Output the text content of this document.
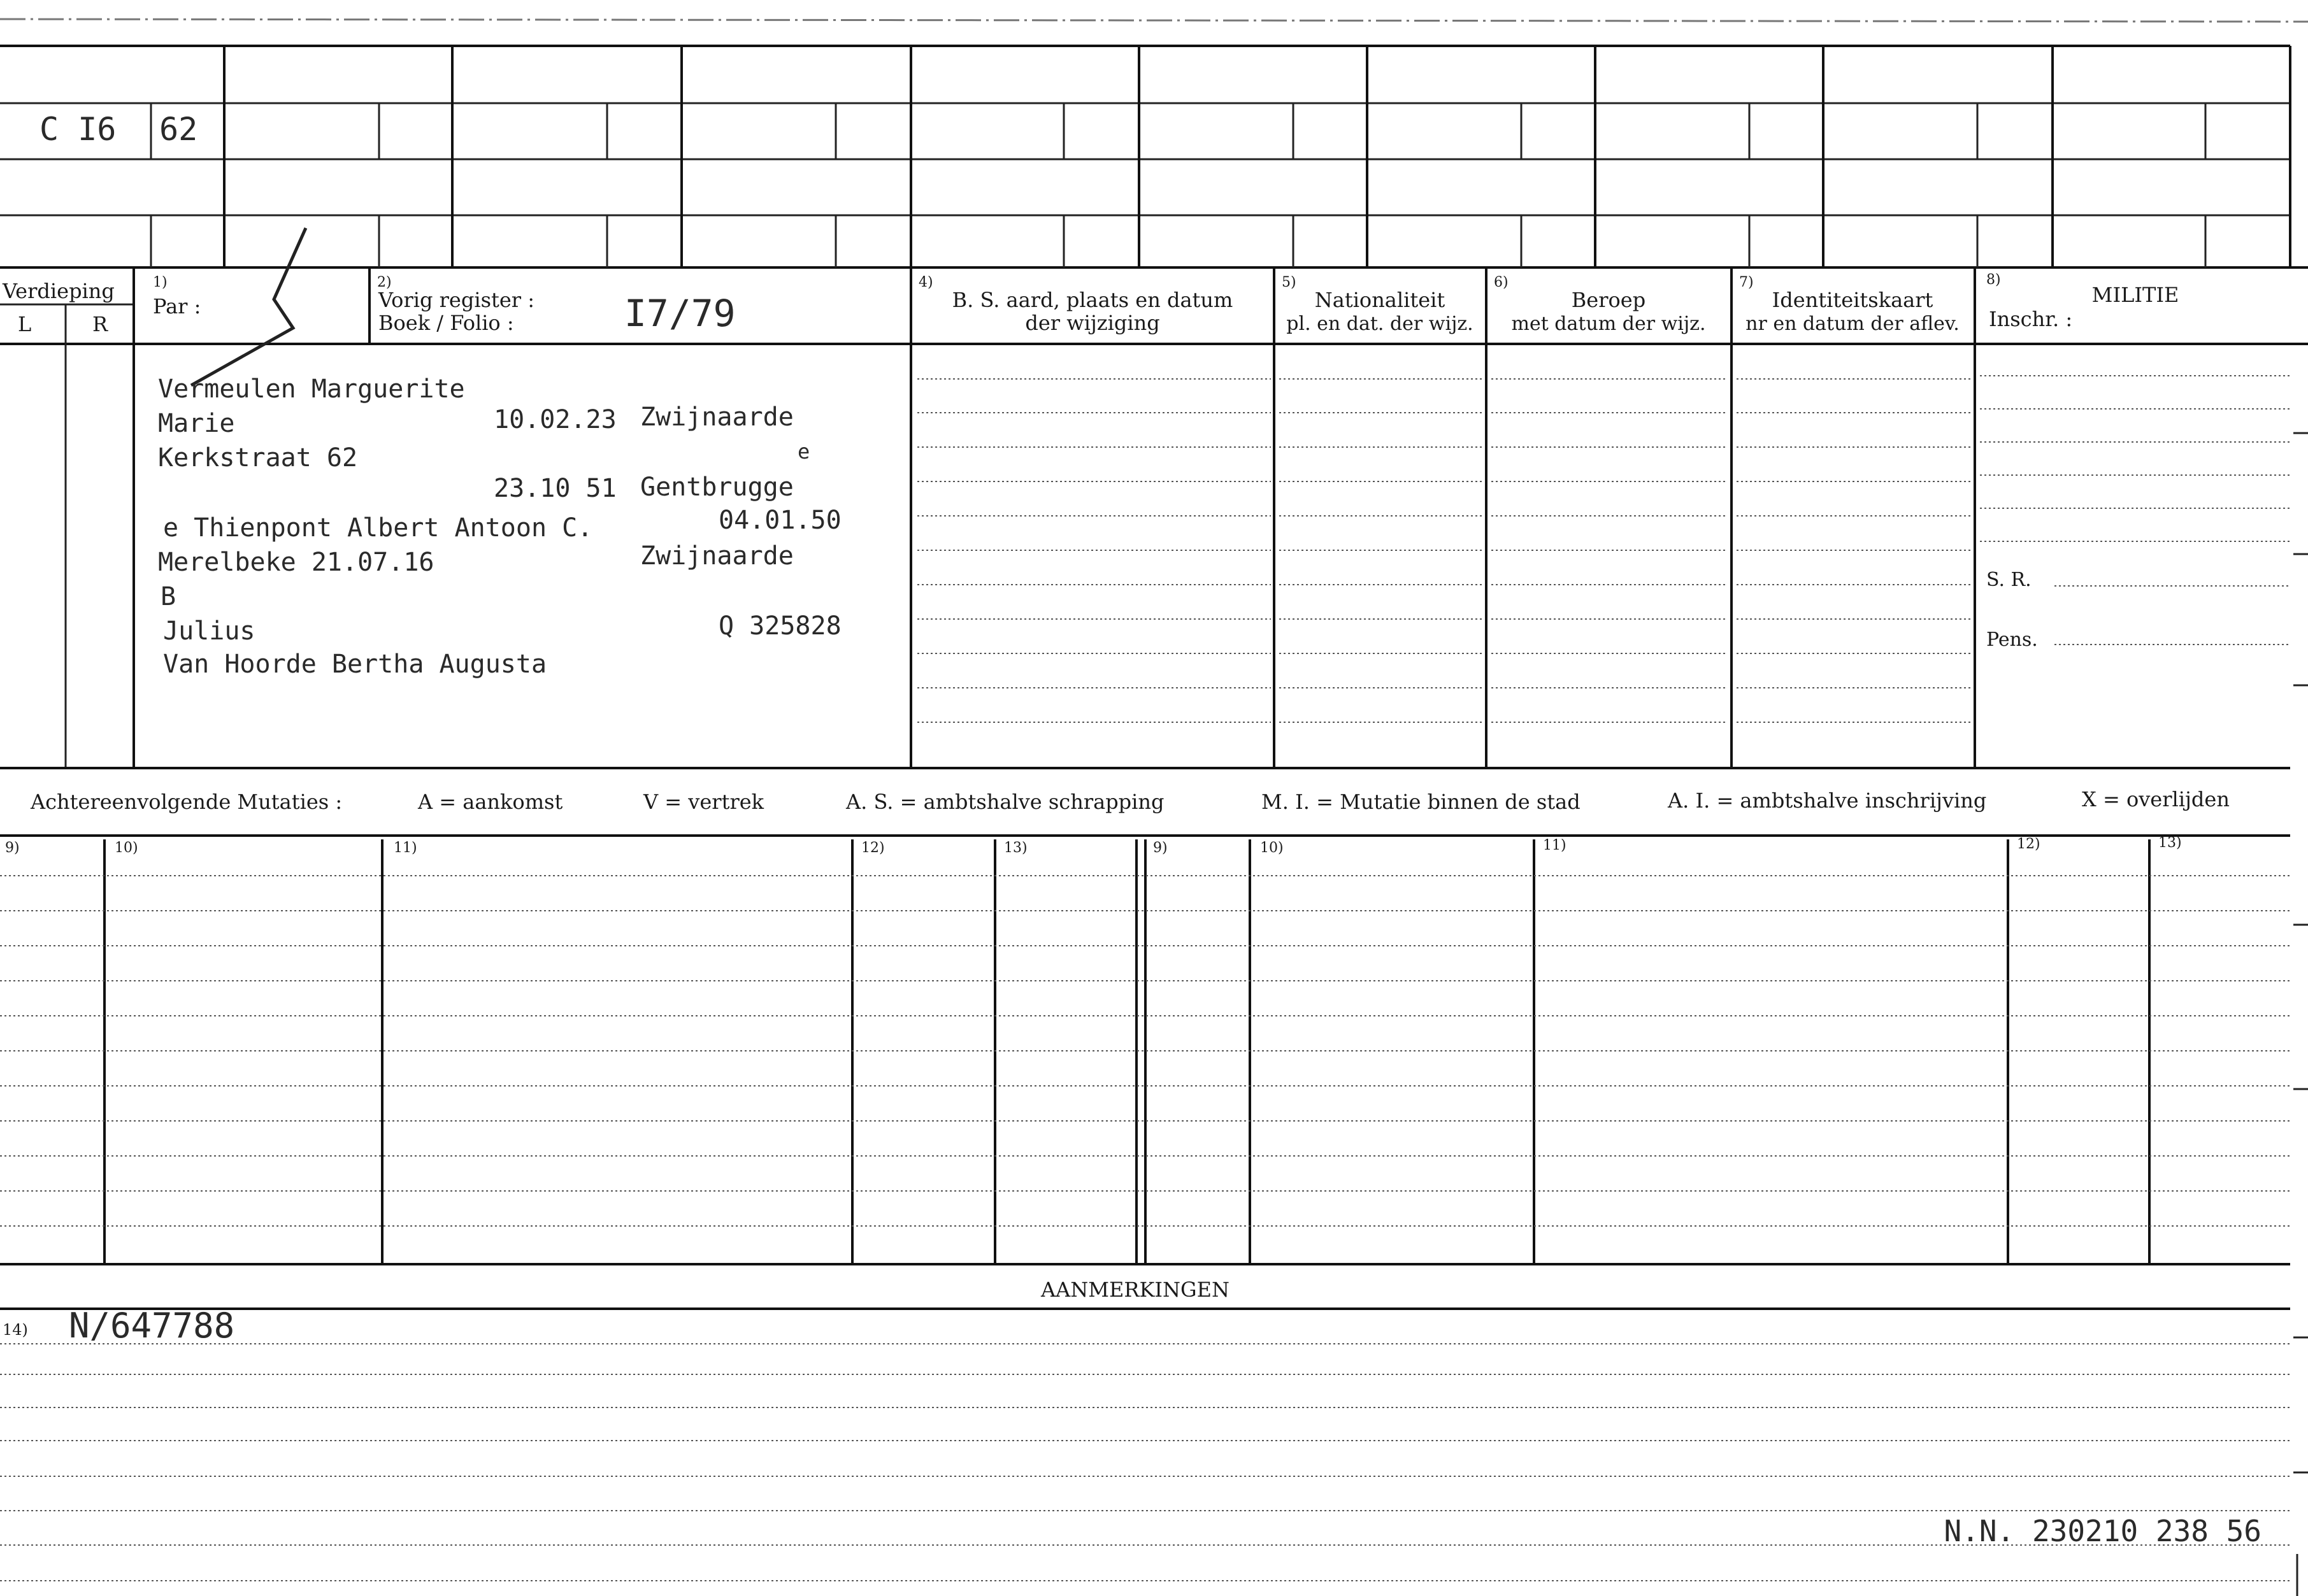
C I6 62
Verdieping
L	R
1)
Par :
2)
Vorig register :
Boek / Folio :	I7/79
4)
B. S. aard, plaats en datum
der wijziging
5)
Nationaliteit
pl. en dat. der wijz.
6)
Beroep
met datum der wijz.
7)
Identiteitskaart
nr en datum der aflev.
8)
MILITIE
Inschr. :
S. R.
Pens.
Vermeulen Marguerite
Marie	10.02.23 Zwijnaarde
Kerkstraat 62	e
23.10 51 Gentbrugge
e Thienpont Albert Antoon C.	04.01.50
Merelbeke 21.07.16	Zwijnaarde
B
Julius	Q 325828
Van Hoorde Bertha Augusta
Achtereenvolgende Mutaties :	A = aankomst	V = vertrek	A. S. = ambtshalve schrapping	M. I. = Mutatie binnen de stad	A. I. = ambtshalve inschrijving	X = overlijden
9)	10)	11)	12)	13)	9)	10)	11)	12)	13)
AANMERKINGEN
14) N/647788
N.N. 230210 238 56
